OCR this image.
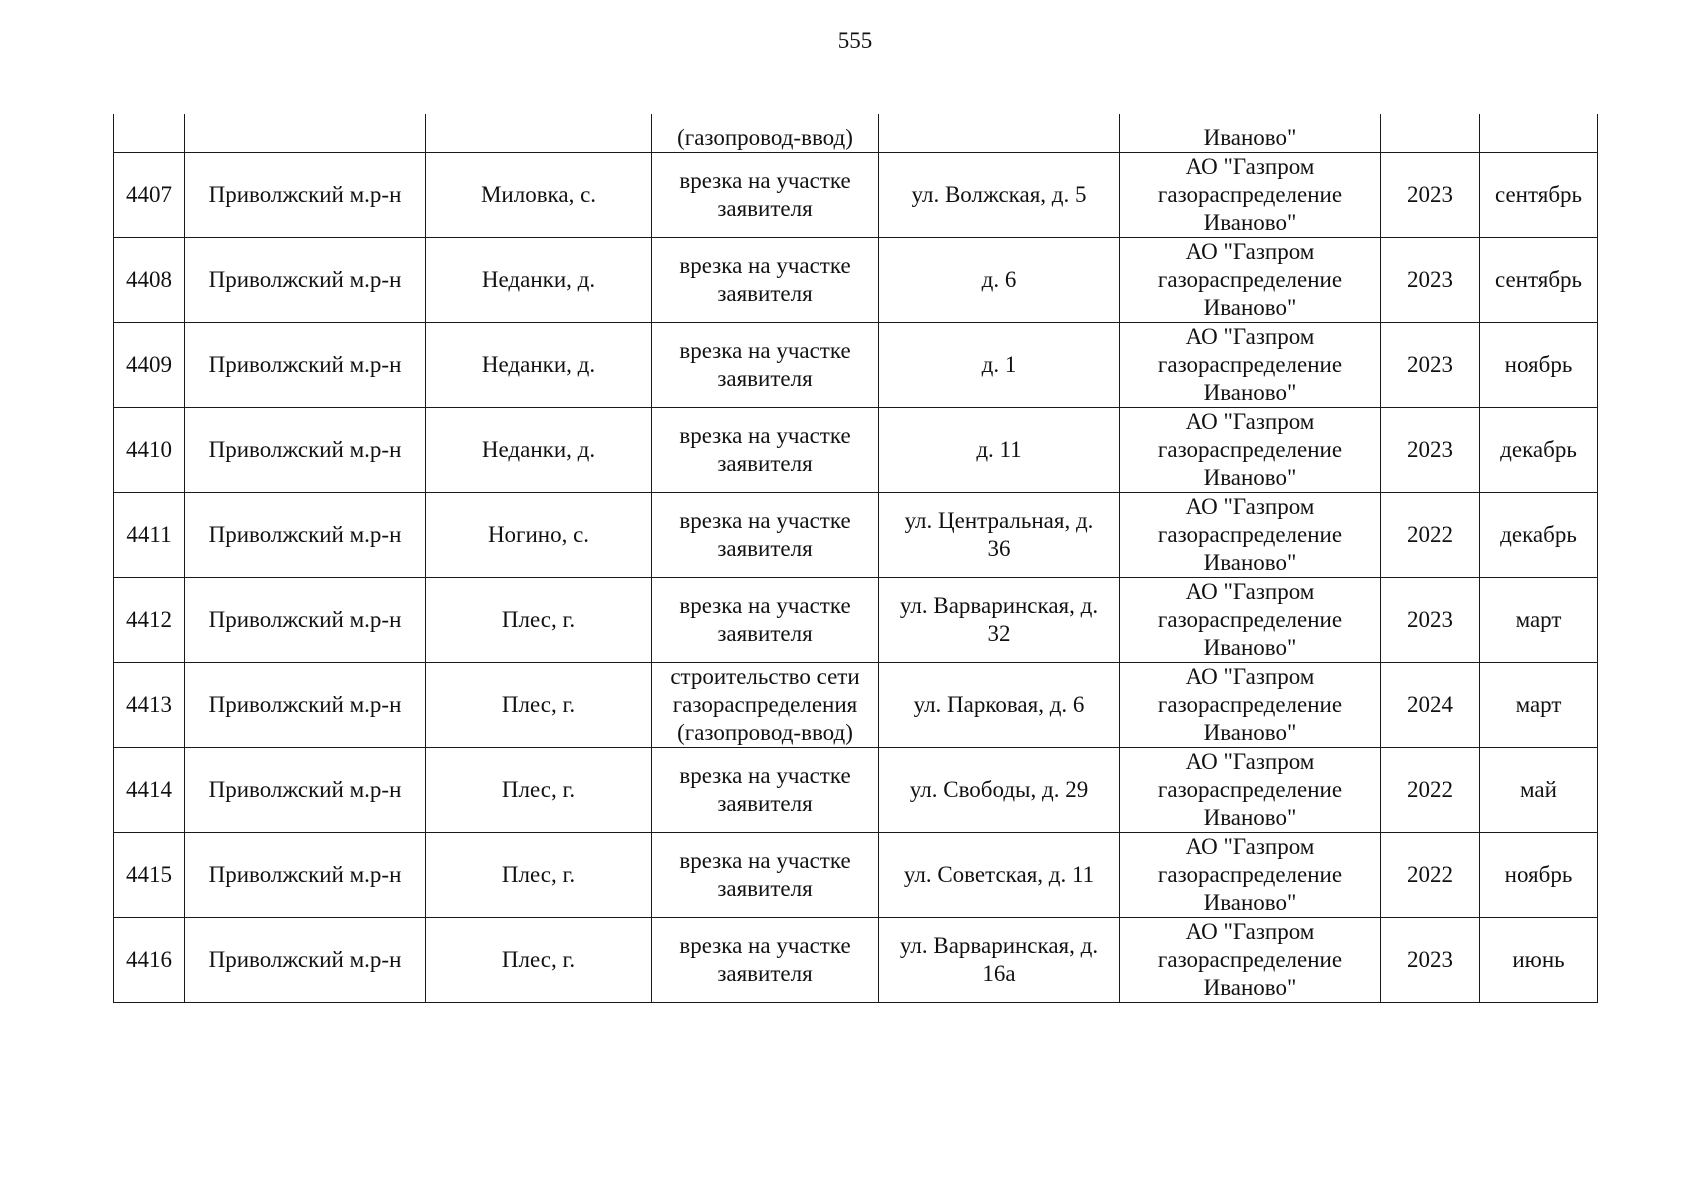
555
			(газопровод-ввод)		Иваново"		
4407	Приволжский м.р-н	Миловка, с.	врезка на участке
заявителя	ул. Волжская, д. 5	АО "Газпром
газораспределение
Иваново"	2023	сентябрь
4408	Приволжский м.р-н	Неданки, д.	врезка на участке
заявителя	д. 6	АО "Газпром
газораспределение
Иваново"	2023	сентябрь
4409	Приволжский м.р-н	Неданки, д.	врезка на участке
заявителя	д. 1	АО "Газпром
газораспределение
Иваново"	2023	ноябрь
4410	Приволжский м.р-н	Неданки, д.	врезка на участке
заявителя	д. 11	АО "Газпром
газораспределение
Иваново"	2023	декабрь
4411	Приволжский м.р-н	Ногино, с.	врезка на участке
заявителя	ул. Центральная, д.
36	АО "Газпром
газораспределение
Иваново"	2022	декабрь
4412	Приволжский м.р-н	Плес, г.	врезка на участке
заявителя	ул. Варваринская, д.
32	АО "Газпром
газораспределение
Иваново"	2023	март
4413	Приволжский м.р-н	Плес, г.	строительство сети
газораспределения
(газопровод-ввод)	ул. Парковая, д. 6	АО "Газпром
газораспределение
Иваново"	2024	март
4414	Приволжский м.р-н	Плес, г.	врезка на участке
заявителя	ул. Свободы, д. 29	АО "Газпром
газораспределение
Иваново"	2022	май
4415	Приволжский м.р-н	Плес, г.	врезка на участке
заявителя	ул. Советская, д. 11	АО "Газпром
газораспределение
Иваново"	2022	ноябрь
4416	Приволжский м.р-н	Плес, г.	врезка на участке
заявителя	ул. Варваринская, д.
16а	АО "Газпром
газораспределение
Иваново"	2023	июнь
